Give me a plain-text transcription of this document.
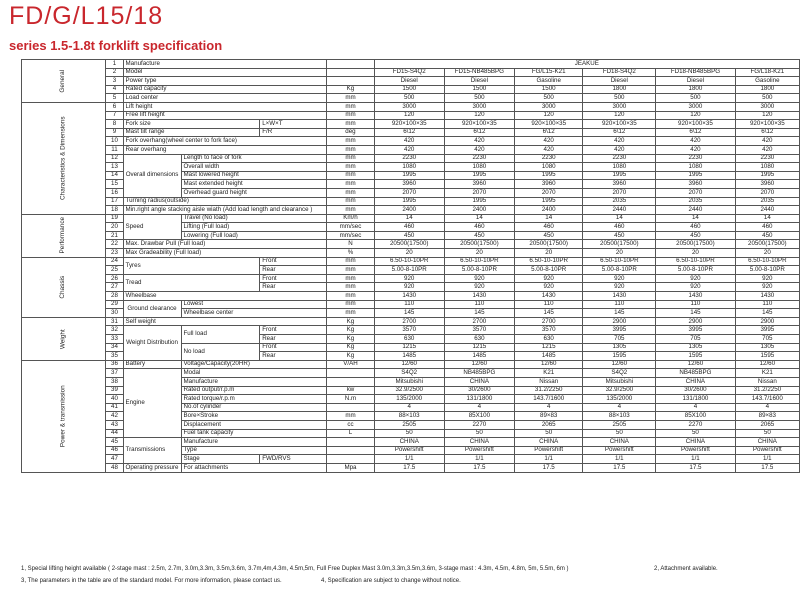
FD/G/L15/18
series 1.5-1.8t forklift specification
General	1	Manufacture				JEAKUE					
	2	Model				FD15-S4Q2	FD15-NB485BPG	FG/L15-K21	FD18-S4Q2	FD18-NB485BPG	FG/L18-K21
	3	Power type				Diesel	Diesel	Gasoline	Diesel	Diesel	Gasoline
	4	Rated capacity			Kg	1500	1500	1500	1800	1800	1800
	5	Load center			mm	500	500	500	500	500	500
Characteristics & Dimensions	6	Lift height			mm	3000	3000	3000	3000	3000	3000
	7	Free lift height			mm	120	120	120	120	120	120
	8	Fork size		L×W×T	mm	920×100×35	920×100×35	920×100×35	920×100×35	920×100×35	920×100×35
	9	Mast tilt range		F/R	deg	6\12	6\12	6\12	6\12	6\12	6\12
	10	Fork overhang(wheel center to fork face)			mm	420	420	420	420	420	420
	11	Rear overhang			mm	420	420	420	420	420	420
	12	Overall dimensions	Length to face of fork		mm	2230	2230	2230	2230	2230	2230
	13		Overall width		mm	1080	1080	1080	1080	1080	1080
	14		Mast lowered height		mm	1995	1995	1995	1995	1995	1995
	15		Mast extended height		mm	3960	3960	3960	3960	3960	3960
	16		Overhead guard height		mm	2070	2070	2070	2070	2070	2070
	17	Turning radius(outside)			mm	1995	1995	1995	2035	2035	2035
	18	Min.right angle stacking aisle wiath (Add load length and clearance )			mm	2400	2400	2400	2440	2440	2440
Performance	19	Speed	Travel (No load)		Km/h	14	14	14	14	14	14
	20		Lifting (Full load)		mm/sec	460	460	460	460	460	460
	21		Lowering (Full load)		mm/sec	450	450	450	450	450	450
	22	Max. Drawbar Pull (Full load)			N	20500(17500)	20500(17500)	20500(17500)	20500(17500)	20500(17500)	20500(17500)
	23	Max Gradeability (Full load)			%	20	20	20	20	20	20
Chassis	24	Tyres		Front	mm	6.50-10-10PR	6.50-10-10PR	6.50-10-10PR	6.50-10-10PR	6.50-10-10PR	6.50-10-10PR
	25			Rear	mm	5.00-8-10PR	5.00-8-10PR	5.00-8-10PR	5.00-8-10PR	5.00-8-10PR	5.00-8-10PR
	26	Tread		Front	mm	920	920	920	920	920	920
	27			Rear	mm	920	920	920	920	920	920
	28	Wheelbase			mm	1430	1430	1430	1430	1430	1430
	29	Ground clearance	Lowest		mm	110	110	110	110	110	110
	30		Wheelbase center		mm	145	145	145	145	145	145
Weight	31	Self weight			Kg	2700	2700	2700	2900	2900	2900
	32	Weight Distribution	Full load	Front	Kg	3570	3570	3570	3995	3995	3995
	33			Rear	Kg	630	630	630	705	705	705
	34		No load	Front	Kg	1215	1215	1215	1305	1305	1305
	35			Rear	Kg	1485	1485	1485	1595	1595	1595
Power & transmission	36	Battery	Voltage/Capacity(20HR)		V/AH	12/60	12/60	12/60	12/60	12/60	12/60
	37	Engine	Modal			S4Q2	NB485BPG	K21	S4Q2	NB485BPG	K21
	38		Manufacture			Mitsubishi	CHINA	Nissan	Mitsubishi	CHINA	Nissan
	39		Rated output/r.p.m		kw	32.9/2500	30/2600	31.2/2250	32.9/2500	30/2600	31.2/2250
	40		Rated torque/r.p.m		N.m	135/2000	131/1800	143.7/1600	135/2000	131/1800	143.7/1600
	41		No.of cylinder			4	4	4	4	4	4
	42		Bore×Stroke		mm	88×103	85X100	89×83	88×103	85X100	89×83
	43		Displacement		cc	2505	2270	2065	2505	2270	2065
	44		Fuel tank capacity		L	50	50	50	50	50	50
	45	Transmissions	Manufacture			CHINA	CHINA	CHINA	CHINA	CHINA	CHINA
	46		Type			Powershift	Powershift	Powershift	Powershift	Powershift	Powershift
	47		Stage	FWD/RVS		1/1	1/1	1/1	1/1	1/1	1/1
	48	Operating pressure	For attachments		Mpa	17.5	17.5	17.5	17.5	17.5	17.5
1, Special lifting height available ( 2-stage mast : 2.5m, 2.7m, 3.0m,3.3m, 3.5m,3.6m, 3.7m,4m,4.3m, 4.5m,5m, Full Free Duplex Mast 3.0m,3.3m,3.5m,3.6m, 3-stage mast : 4.3m, 4.5m, 4.8m, 5m, 5.5m, 6m )	2, Attachment available.
3, The parameters in the table are of the standard model. For more information, please contact us.	4, Specification are subject to change without notice.
